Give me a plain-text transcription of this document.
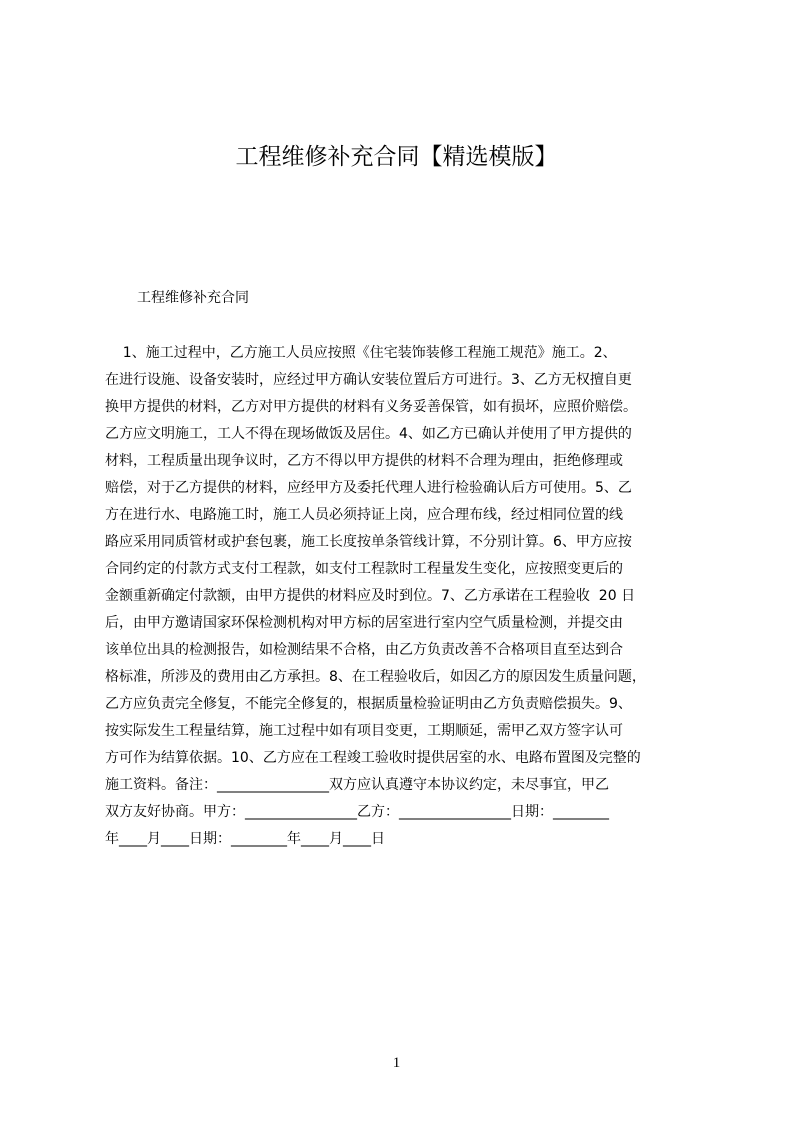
工程维修补充合同【精选模版】
工程维修补充合同
1、施工过程中，乙方施工人员应按照《住宅装饰装修工程施工规范》施工。2、
在进行设施、设备安装时，应经过甲方确认安装位置后方可进行。3、乙方无权擅自更
换甲方提供的材料，乙方对甲方提供的材料有义务妥善保管，如有损坏，应照价赔偿。
乙方应文明施工，工人不得在现场做饭及居住。4、如乙方已确认并使用了甲方提供的
材料，工程质量出现争议时，乙方不得以甲方提供的材料不合理为理由，拒绝修理或
赔偿，对于乙方提供的材料，应经甲方及委托代理人进行检验确认后方可使用。5、乙
方在进行水、电路施工时，施工人员必须持证上岗，应合理布线，经过相同位置的线
路应采用同质管材或护套包裹，施工长度按单条管线计算，不分别计算。6、甲方应按
合同约定的付款方式支付工程款，如支付工程款时工程量发生变化，应按照变更后的
金额重新确定付款额，由甲方提供的材料应及时到位。7、乙方承诺在工程验收  20 日
后，由甲方邀请国家环保检测机构对甲方标的居室进行室内空气质量检测，并提交由
该单位出具的检测报告，如检测结果不合格，由乙方负责改善不合格项目直至达到合
格标准，所涉及的费用由乙方承担。8、在工程验收后，如因乙方的原因发生质量问题，
乙方应负责完全修复，不能完全修复的，根据质量检验证明由乙方负责赔偿损失。9、
按实际发生工程量结算，施工过程中如有项目变更，工期顺延，需甲乙双方签字认可
方可作为结算依据。10、乙方应在工程竣工验收时提供居室的水、电路布置图及完整的
施工资料。备注：________________双方应认真遵守本协议约定，未尽事宜，甲乙
双方友好协商。甲方：________________乙方：________________日期：________
年____月____日期：________年____月____日
1
